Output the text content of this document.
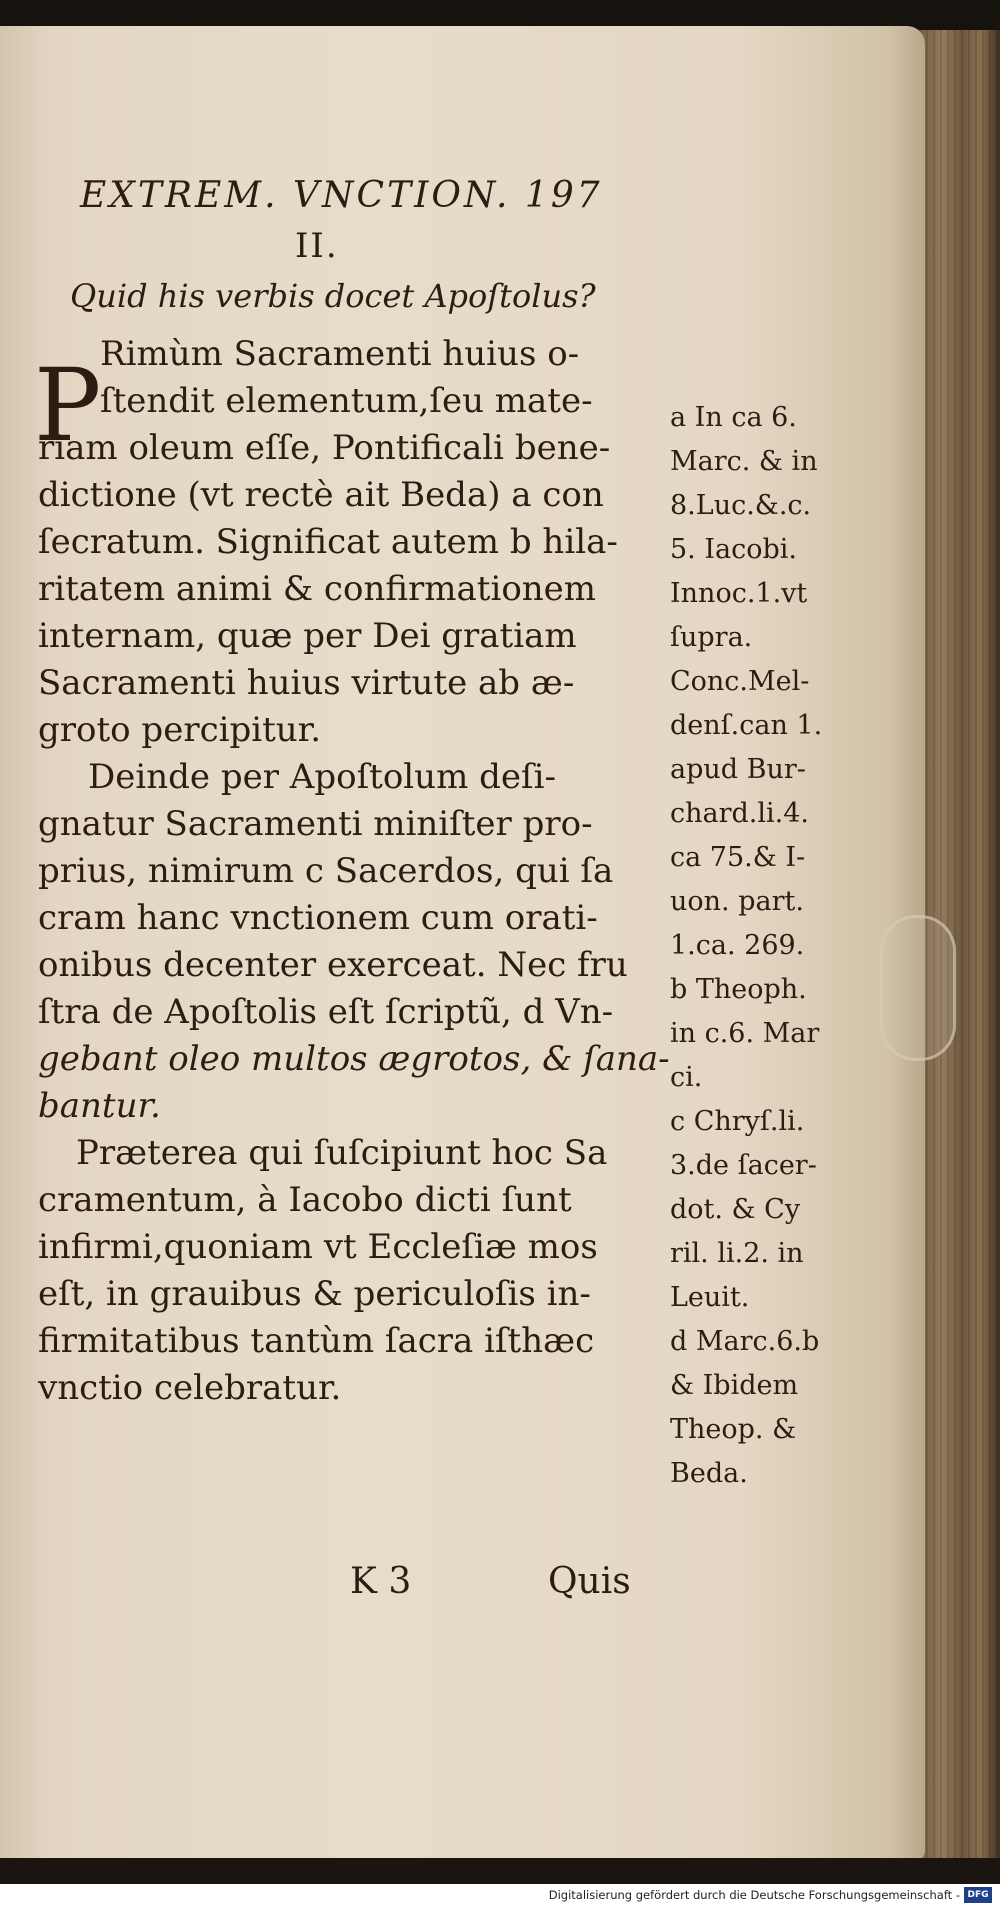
EXTREM. VNCTION. 197
II.
Quid his verbis docet Apoſtolus?
P
Rimùm Sacramenti huius o-
ſtendit elementum,ſeu mate-
riam oleum eſſe, Pontificali bene-
dictione (vt rectè ait Beda) a con
ſecratum. Significat autem b hila-
ritatem animi & confirmationem
internam, quæ per Dei gratiam
Sacramenti huius virtute ab æ-
groto percipitur.
Deinde per Apoſtolum deſi-
gnatur Sacramenti miniſter pro-
prius, nimirum c Sacerdos, qui ſa
cram hanc vnctionem cum orati-
onibus decenter exerceat. Nec fru
ſtra de Apoſtolis eſt ſcriptũ, d Vn-
gebant oleo multos ægrotos, & ſana-
bantur.
Præterea qui ſuſcipiunt hoc Sa
cramentum, à Iacobo dicti ſunt
infirmi,quoniam vt Eccleſiæ mos
eſt, in grauibus & periculoſis in-
firmitatibus tantùm ſacra iſthæc
vnctio celebratur.
a In ca 6.
Marc. & in
8.Luc.&.c.
5. Iacobi.
Innoc.1.vt
ſupra.
Conc.Mel-
denſ.can 1.
apud Bur-
chard.li.4.
ca 75.& I-
uon. part.
1.ca. 269.
b Theoph.
in c.6. Mar
ci.
c Chryſ.li.
3.de ſacer-
dot. & Cy
ril. li.2. in
Leuit.
d Marc.6.b
& Ibidem
Theop. &
Beda.
K 3	Quis
Digitalisierung gefördert durch die Deutsche Forschungsgemeinschaft - DFG
